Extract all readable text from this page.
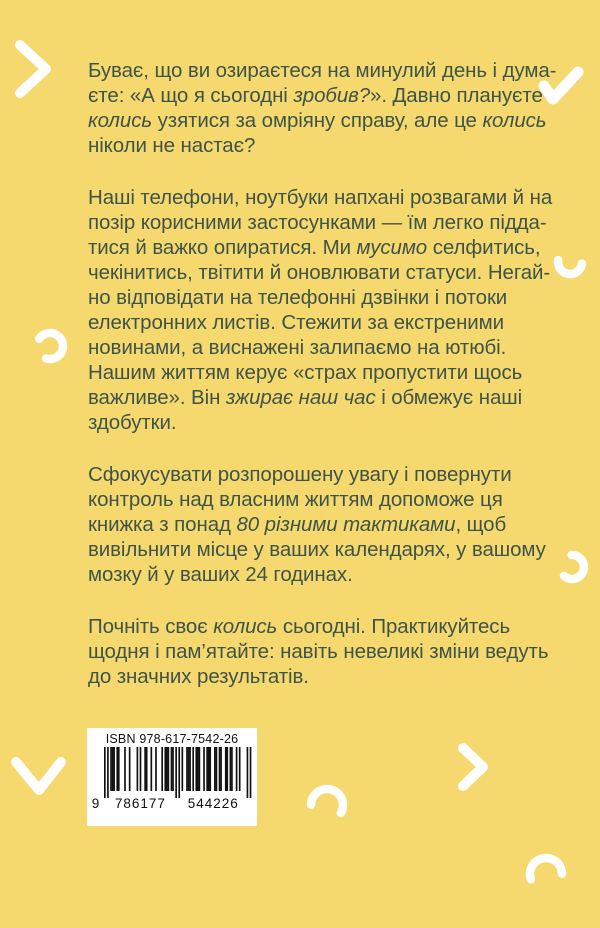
Буває, що ви озираєтеся на минулий день і дума-
єте: «А що я сьогодні зробив?». Давно плануєте
колись узятися за омріяну справу, але це колись
ніколи не настає?
Наші телефони, ноутбуки напхані розвагами й на
позір корисними застосунками — їм легко підда-
тися й важко опиратися. Ми мусимо селфитись,
чекінитись, твітити й оновлювати статуси. Негай-
но відповідати на телефонні дзвінки і потоки
електронних листів. Стежити за екстреними
новинами, а виснажені залипаємо на ютюбі.
Нашим життям керує «страх пропустити щось
важливе». Він зжирає наш час і обмежує наші
здобутки.
Сфокусувати розпорошену увагу і повернути
контроль над власним життям допоможе ця
книжка з понад 80 різними тактиками, щоб
вивільнити місце у ваших календарях, у вашому
мозку й у ваших 24 годинах.
Почніть своє колись сьогодні. Практикуйтесь
щодня і пам’ятайте: навіть невеликі зміни ведуть
до значних результатів.
ISBN 978-617-7542-26
9 786177 544226
